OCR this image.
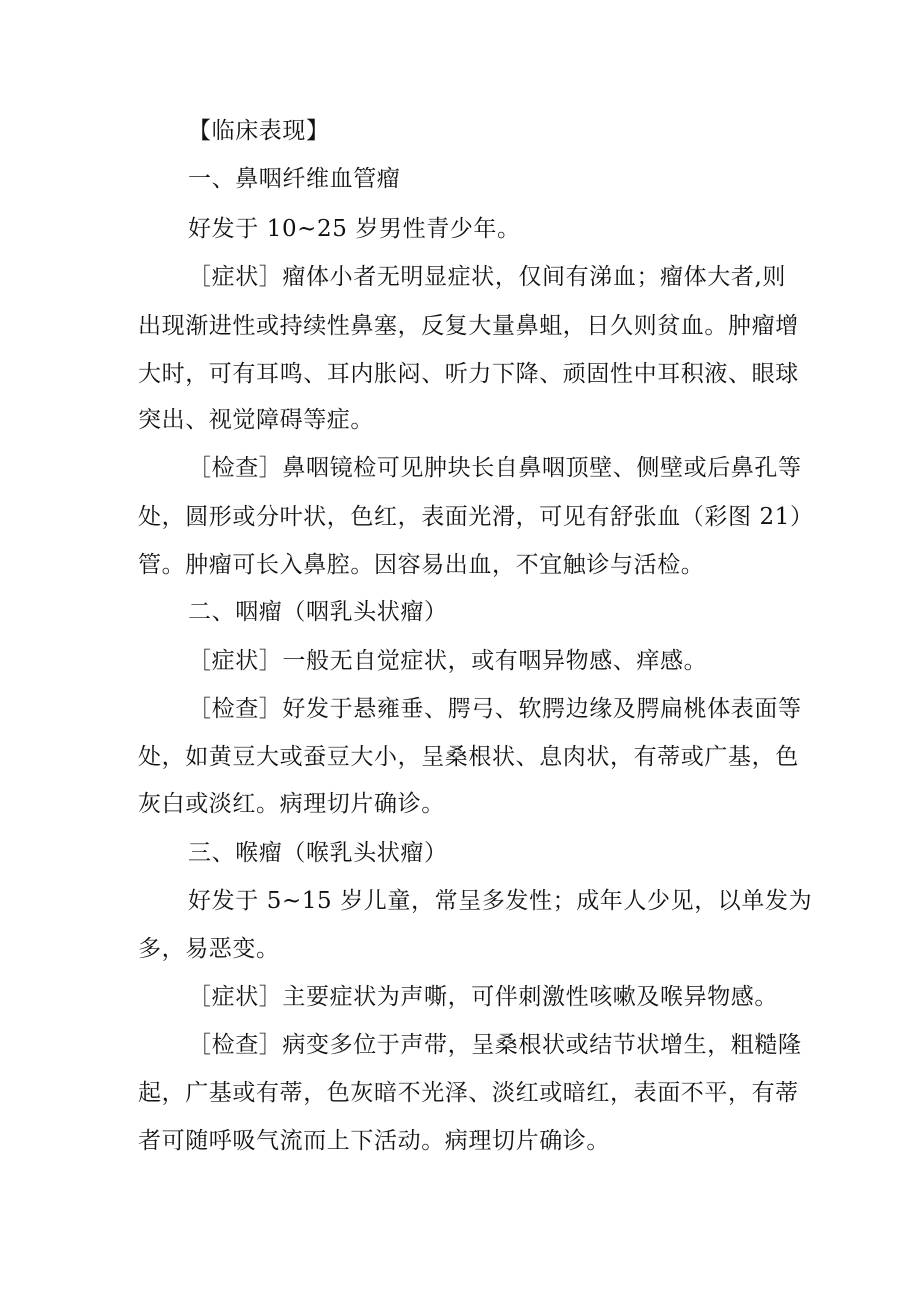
【临床表现】
一、鼻咽纤维血管瘤
好发于 10~25 岁男性青少年。
［症状］瘤体小者无明显症状，仅间有涕血；瘤体大者,则
出现渐进性或持续性鼻塞，反复大量鼻蛆，日久则贫血。肿瘤增
大时，可有耳鸣、耳内胀闷、听力下降、顽固性中耳积液、眼球
突出、视觉障碍等症。
［检查］鼻咽镜检可见肿块长自鼻咽顶壁、侧壁或后鼻孔等
处，圆形或分叶状，色红，表面光滑，可见有舒张血（彩图 21）
管。肿瘤可长入鼻腔。因容易出血，不宜触诊与活检。
二、咽瘤（咽乳头状瘤）
［症状］一般无自觉症状，或有咽异物感、痒感。
［检查］好发于悬雍垂、腭弓、软腭边缘及腭扁桃体表面等
处，如黄豆大或蚕豆大小，呈桑根状、息肉状，有蒂或广基，色
灰白或淡红。病理切片确诊。
三、喉瘤（喉乳头状瘤）
好发于 5~15 岁儿童，常呈多发性；成年人少见，以单发为
多，易恶变。
［症状］主要症状为声嘶，可伴刺激性咳嗽及喉异物感。
［检查］病变多位于声带，呈桑根状或结节状增生，粗糙隆
起，广基或有蒂，色灰暗不光泽、淡红或暗红，表面不平，有蒂
者可随呼吸气流而上下活动。病理切片确诊。
